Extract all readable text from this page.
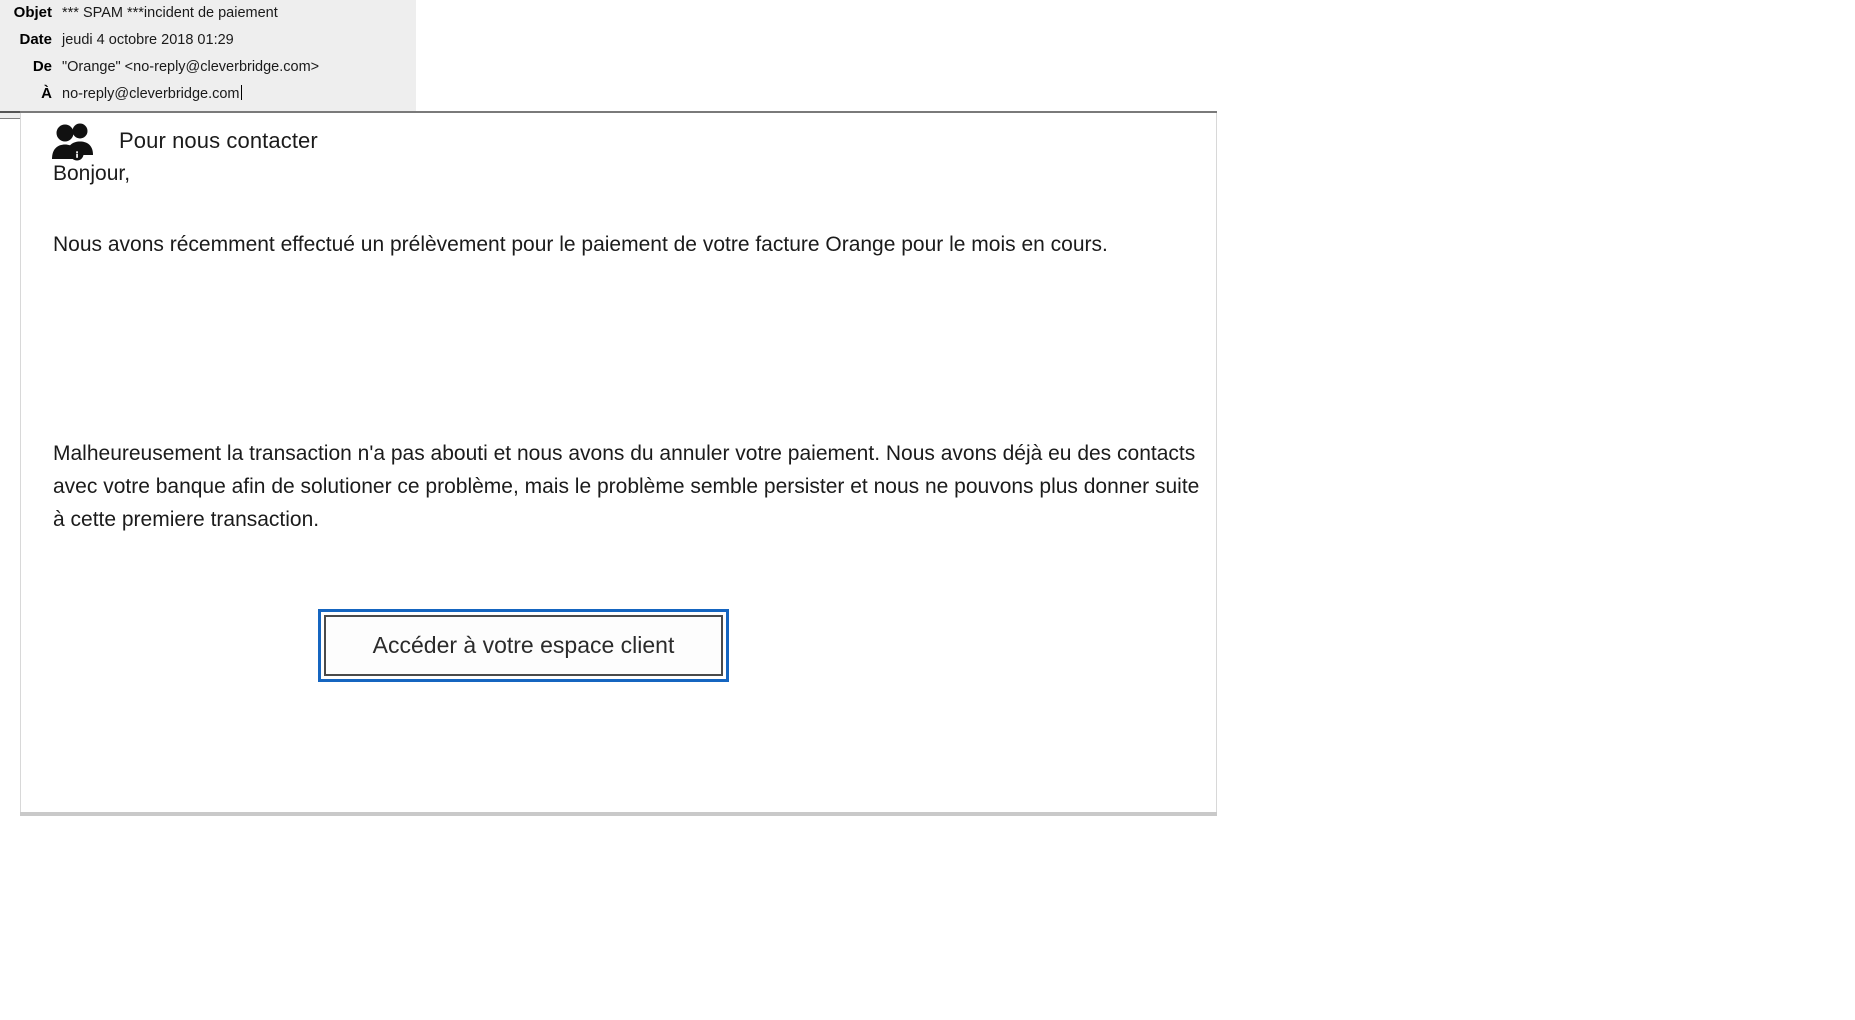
Objet *** SPAM ***incident de paiement
Date jeudi 4 octobre 2018 01:29
De "Orange" <no-reply@cleverbridge.com>
À no-reply@cleverbridge.com
Pour nous contacter
Bonjour,
Nous avons récemment effectué un prélèvement pour le paiement de votre facture Orange pour le mois en cours.
Malheureusement la transaction n'a pas abouti et nous avons du annuler votre paiement. Nous avons déjà eu des contacts avec votre banque afin de solutioner ce problème, mais le problème semble persister et nous ne pouvons plus donner suite à cette premiere transaction.
Accéder à votre espace client
